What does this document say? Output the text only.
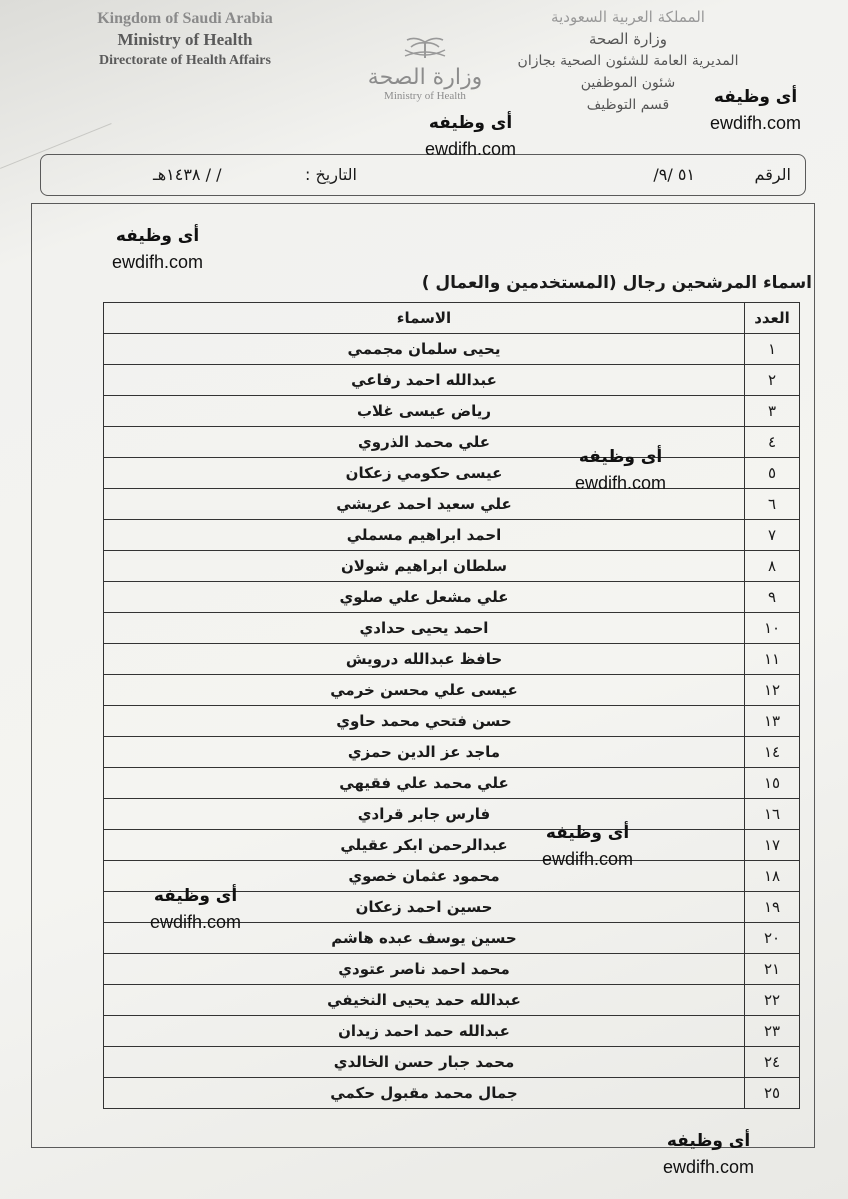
Kingdom of Saudi Arabia
Ministry of Health
Directorate of Health Affairs
وزارة الصحة
Ministry of Health
المملكة العربية السعودية
وزارة الصحة
المديرية العامة للشئون الصحية بجازان
شئون الموظفين
قسم التوظيف
الرقم
٥١ /٩/
التاريخ :
/ / ١٤٣٨هـ
اسماء المرشحين رجال (المستخدمين والعمال )
العدد	الاسماء
١	يحيى سلمان مجممي
٢	عبدالله احمد رفاعي
٣	رياض عيسى غلاب
٤	علي محمد الذروي
٥	عيسى حكومي زعكان
٦	علي سعيد احمد عريشي
٧	احمد ابراهيم مسملي
٨	سلطان ابراهيم شولان
٩	علي مشعل علي صلوي
١٠	احمد يحيى حدادي
١١	حافظ عبدالله درويش
١٢	عيسى علي محسن خرمي
١٣	حسن فتحي محمد حاوي
١٤	ماجد عز الدين حمزي
١٥	علي محمد علي فقيهي
١٦	فارس جابر قرادي
١٧	عبدالرحمن ابكر عقيلي
١٨	محمود عثمان خصوي
١٩	حسين احمد زعكان
٢٠	حسين يوسف عبده هاشم
٢١	محمد احمد ناصر عتودي
٢٢	عبدالله حمد يحيى النخيفي
٢٣	عبدالله حمد احمد زيدان
٢٤	محمد جبار حسن الخالدي
٢٥	جمال محمد مقبول حكمي
أى وظيفه
ewdifh.com
أى وظيفه
ewdifh.com
أى وظيفه
ewdifh.com
أى وظيفه
ewdifh.com
أى وظيفه
ewdifh.com
أى وظيفه
ewdifh.com
أى وظيفه
ewdifh.com
